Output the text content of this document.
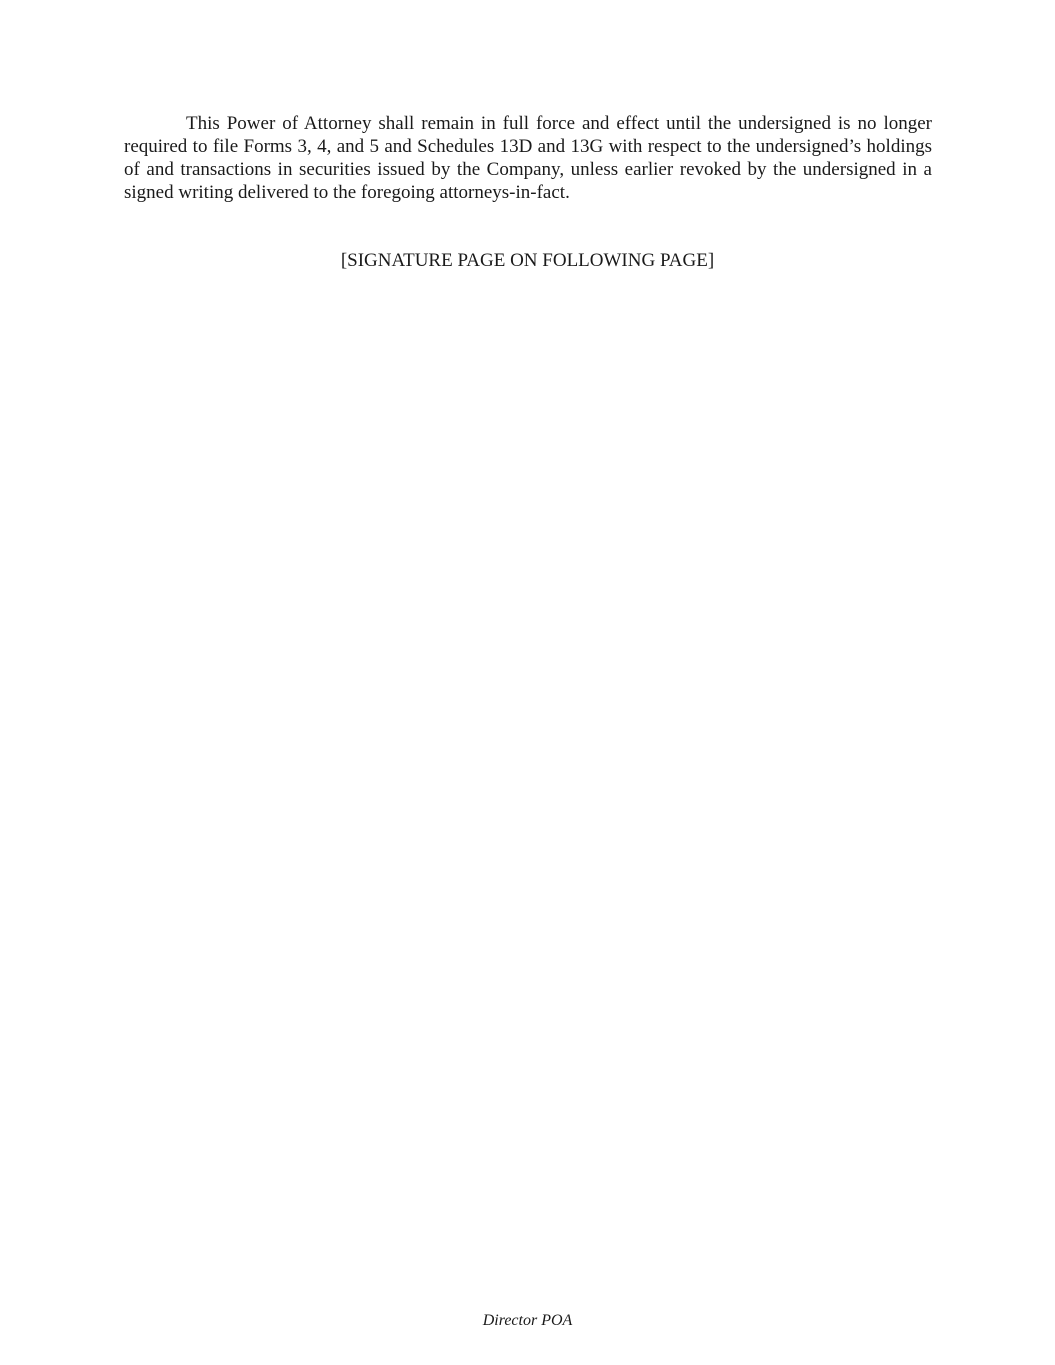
This Power of Attorney shall remain in full force and effect until the undersigned is no longer required to file Forms 3, 4, and 5 and Schedules 13D and 13G with respect to the undersigned’s holdings of and transactions in securities issued by the Company, unless earlier revoked by the undersigned in a signed writing delivered to the foregoing attorneys-in-fact.

[SIGNATURE PAGE ON FOLLOWING PAGE]

Director POA
